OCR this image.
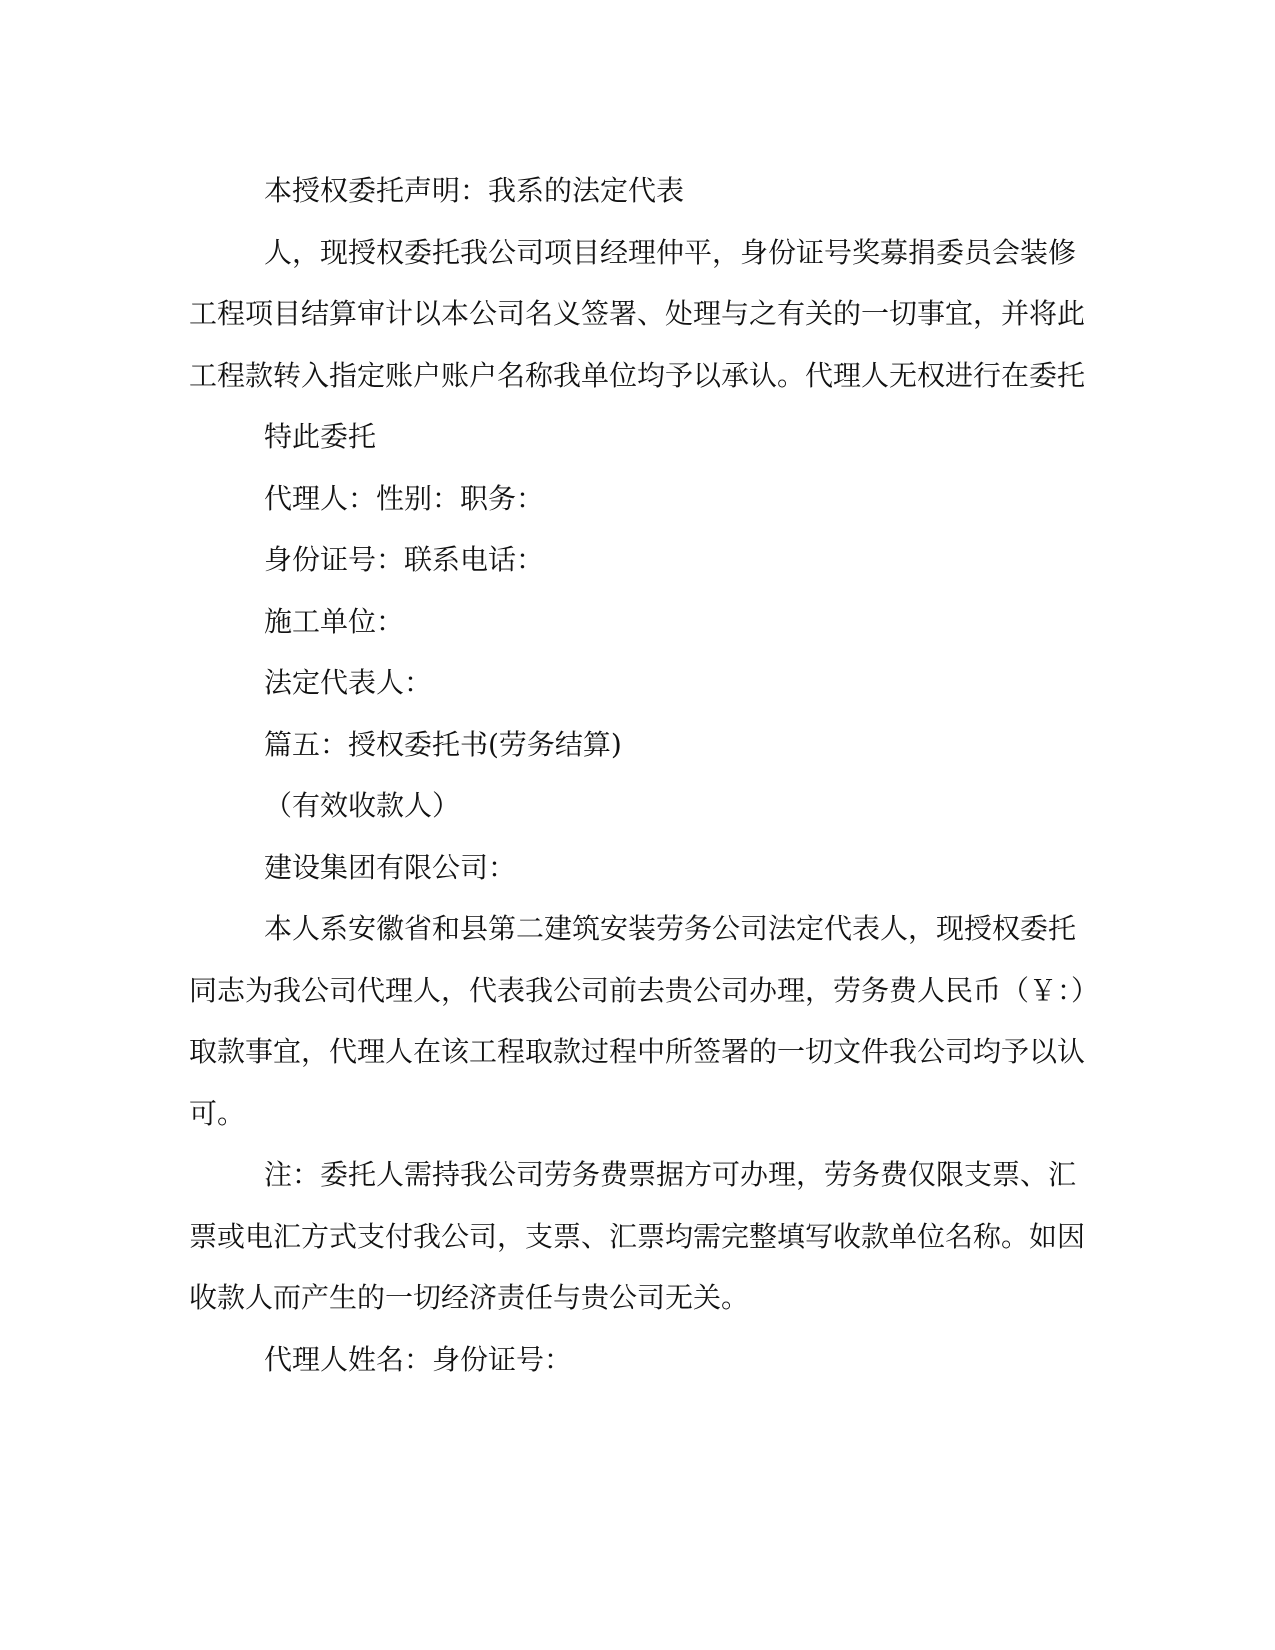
本授权委托声明：我系的法定代表

人，现授权委托我公司项目经理仲平，身份证号奖募捐委员会装修工程项目结算审计以本公司名义签署、处理与之有关的一切事宜，并将此工程款转入指定账户账户名称我单位均予以承认。代理人无权进行在委托

特此委托

代理人：性别：职务：

身份证号：联系电话：

施工单位：

法定代表人：

篇五：授权委托书(劳务结算)

（有效收款人）

建设集团有限公司：

本人系安徽省和县第二建筑安装劳务公司法定代表人，现授权委托同志为我公司代理人，代表我公司前去贵公司办理，劳务费人民币（￥：）取款事宜，代理人在该工程取款过程中所签署的一切文件我公司均予以认可。

注：委托人需持我公司劳务费票据方可办理，劳务费仅限支票、汇票或电汇方式支付我公司，支票、汇票均需完整填写收款单位名称。如因收款人而产生的一切经济责任与贵公司无关。

代理人姓名：身份证号：
